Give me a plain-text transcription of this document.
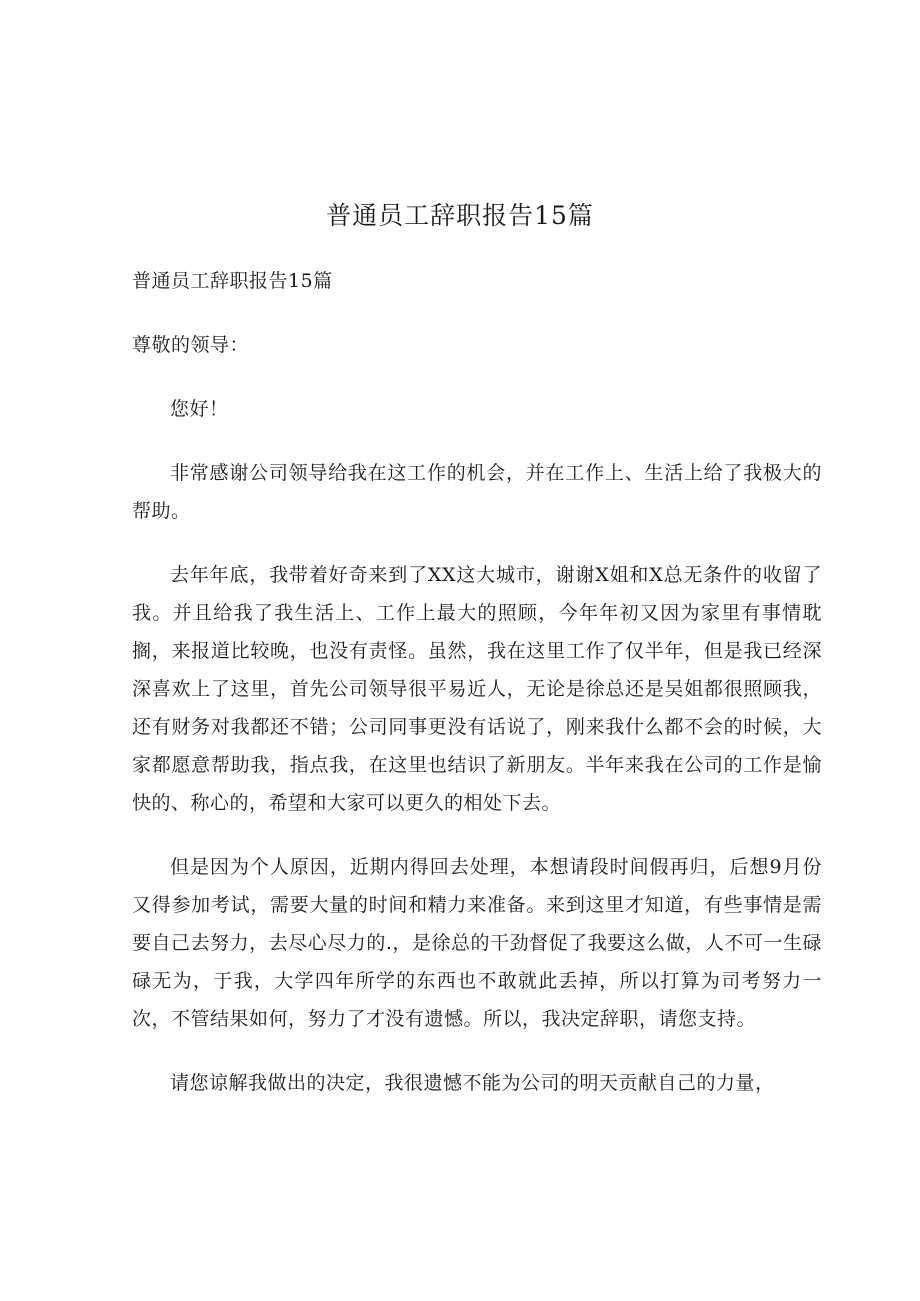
普通员工辞职报告15篇

普通员工辞职报告15篇

尊敬的领导：

您好！

非常感谢公司领导给我在这工作的机会，并在工作上、生活上给了我极大的帮助。

去年年底，我带着好奇来到了XX这大城市，谢谢X姐和X总无条件的收留了我。并且给我了我生活上、工作上最大的照顾，今年年初又因为家里有事情耽搁，来报道比较晚，也没有责怪。虽然，我在这里工作了仅半年，但是我已经深深喜欢上了这里，首先公司领导很平易近人，无论是徐总还是吴姐都很照顾我，还有财务对我都还不错；公司同事更没有话说了，刚来我什么都不会的时候，大家都愿意帮助我，指点我，在这里也结识了新朋友。半年来我在公司的工作是愉快的、称心的，希望和大家可以更久的相处下去。

但是因为个人原因，近期内得回去处理，本想请段时间假再归，后想9月份又得参加考试，需要大量的时间和精力来准备。来到这里才知道，有些事情是需要自己去努力，去尽心尽力的.，是徐总的干劲督促了我要这么做，人不可一生碌碌无为，于我，大学四年所学的东西也不敢就此丢掉，所以打算为司考努力一次，不管结果如何，努力了才没有遗憾。所以，我决定辞职，请您支持。

请您谅解我做出的决定，我很遗憾不能为公司的明天贡献自己的力量，
